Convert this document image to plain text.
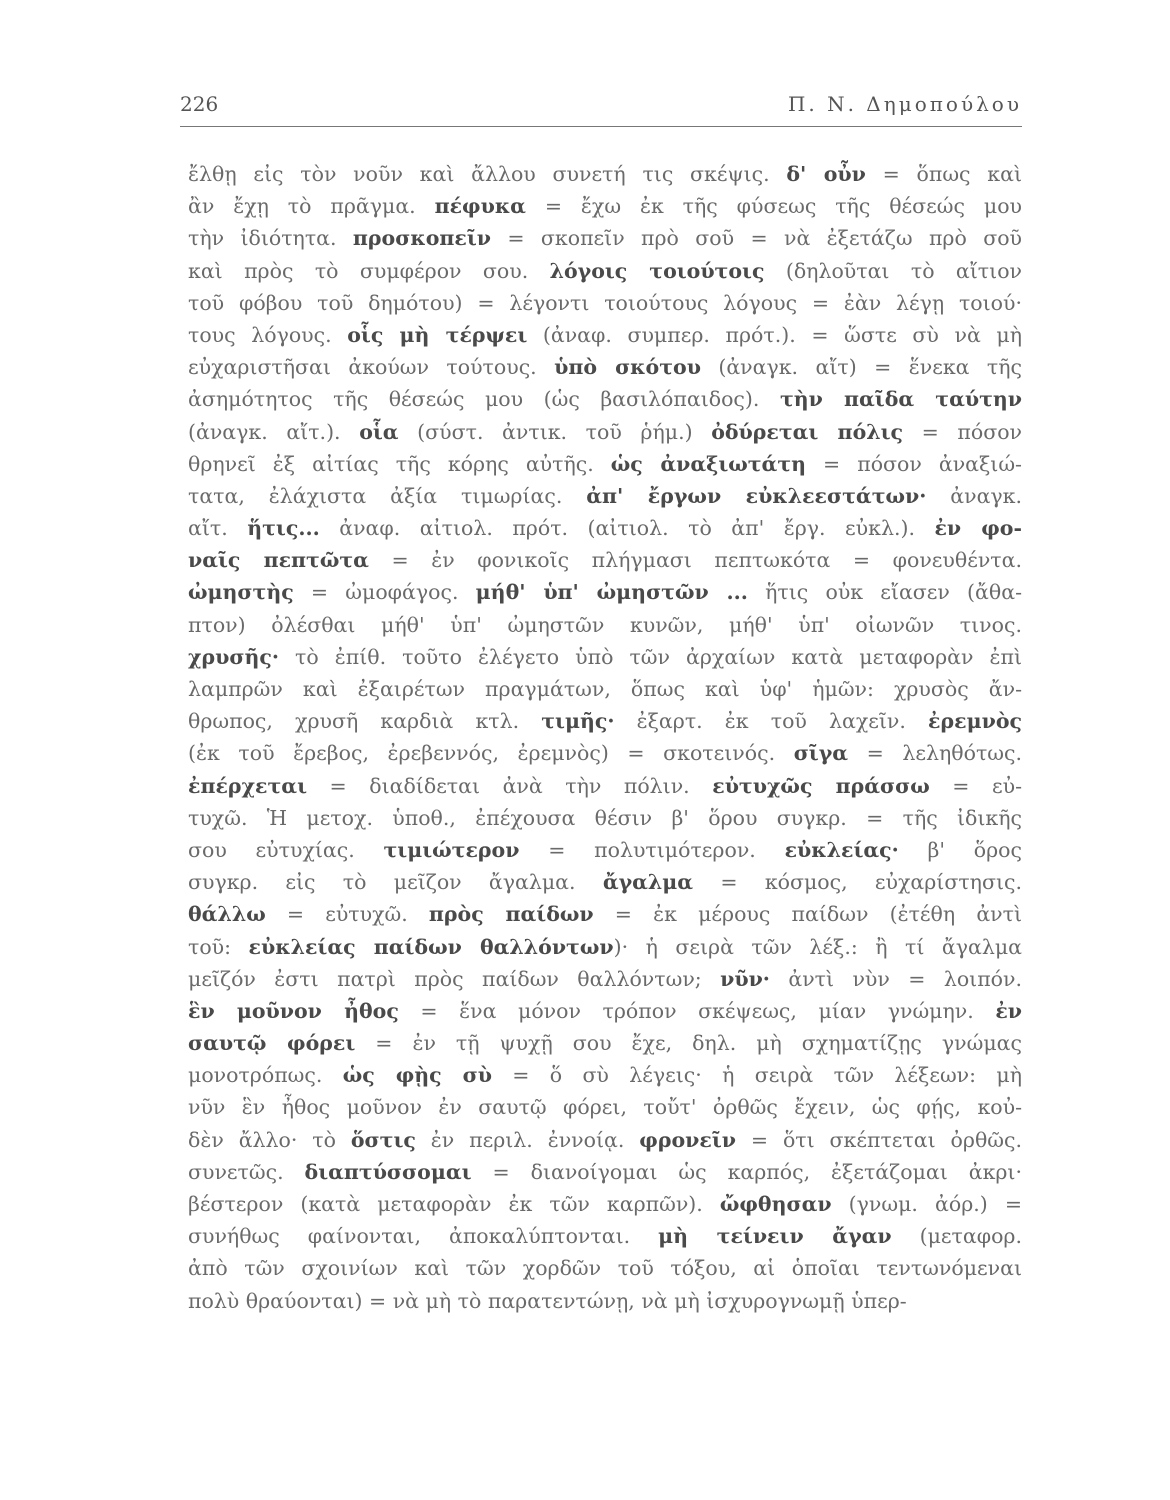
226	Π. Ν. Δημοπούλου
ἔλθῃ εἰς τὸν νοῦν καὶ ἄλλου συνετή τις σκέψις. δ' οὖν = ὅπως καὶ
ἂν ἔχῃ τὸ πρᾶγμα. πέφυκα = ἔχω ἐκ τῆς φύσεως τῆς θέσεώς μου
τὴν ἰδιότητα. προσκοπεῖν = σκοπεῖν πρὸ σοῦ = νὰ ἐξετάζω πρὸ σοῦ
καὶ πρὸς τὸ συμφέρον σου. λόγοις τοιούτοις (δηλοῦται τὸ αἴτιον
τοῦ φόβου τοῦ δημότου) = λέγοντι τοιούτους λόγους = ἐὰν λέγῃ τοιού·
τους λόγους. οἷς μὴ τέρψει (ἀναφ. συμπερ. πρότ.). = ὥστε σὺ νὰ μὴ
εὐχαριστῆσαι ἀκούων τούτους. ὑπὸ σκότου (ἀναγκ. αἴτ) = ἕνεκα τῆς
ἀσημότητος τῆς θέσεώς μου (ὡς βασιλόπαιδος). τὴν παῖδα ταύτην
(ἀναγκ. αἴτ.). οἷα (σύστ. ἀντικ. τοῦ ῥήμ.) ὀδύρεται πόλις = πόσον
θρηνεῖ ἐξ αἰτίας τῆς κόρης αὐτῆς. ὡς ἀναξιωτάτη = πόσον ἀναξιώ-
τατα, ἐλάχιστα ἀξία τιμωρίας. ἀπ' ἔργων εὐκλεεστάτων· ἀναγκ.
αἴτ. ἥτις... ἀναφ. αἰτιολ. πρότ. (αἰτιολ. τὸ ἀπ' ἔργ. εὐκλ.). ἐν φο-
ναῖς πεπτῶτα = ἐν φονικοῖς πλήγμασι πεπτωκότα = φονευθέντα.
ὠμηστὴς = ὠμοφάγος. μήθ' ὑπ' ὠμηστῶν ... ἥτις οὐκ εἴασεν (ἄθα-
πτον) ὀλέσθαι μήθ' ὑπ' ὠμηστῶν κυνῶν, μήθ' ὑπ' οἰωνῶν τινος.
χρυσῆς· τὸ ἐπίθ. τοῦτο ἐλέγετο ὑπὸ τῶν ἀρχαίων κατὰ μεταφορὰν ἐπὶ
λαμπρῶν καὶ ἐξαιρέτων πραγμάτων, ὅπως καὶ ὑφ' ἡμῶν: χρυσὸς ἄν-
θρωπος, χρυσῆ καρδιὰ κτλ. τιμῆς· ἐξαρτ. ἐκ τοῦ λαχεῖν. ἐρεμνὸς
(ἐκ τοῦ ἔρεβος, ἐρεβεννός, ἐρεμνὸς) = σκοτεινός. σῖγα = λεληθότως.
ἐπέρχεται = διαδίδεται ἀνὰ τὴν πόλιν. εὐτυχῶς πράσσω = εὐ-
τυχῶ. Ἡ μετοχ. ὑποθ., ἐπέχουσα θέσιν β' ὅρου συγκρ. = τῆς ἰδικῆς
σου εὐτυχίας. τιμιώτερον = πολυτιμότερον. εὐκλείας· β' ὅρος
συγκρ. εἰς τὸ μεῖζον ἄγαλμα. ἄγαλμα = κόσμος, εὐχαρίστησις.
θάλλω = εὐτυχῶ. πρὸς παίδων = ἐκ μέρους παίδων (ἐτέθη ἀντὶ
τοῦ: εὐκλείας παίδων θαλλόντων)· ἡ σειρὰ τῶν λέξ.: ἢ τί ἄγαλμα
μεῖζόν ἐστι πατρὶ πρὸς παίδων θαλλόντων; νῦν· ἀντὶ νὺν = λοιπόν.
ἓν μοῦνον ἦθος = ἕνα μόνον τρόπον σκέψεως, μίαν γνώμην. ἐν
σαυτῷ φόρει = ἐν τῇ ψυχῇ σου ἔχε, δηλ. μὴ σχηματίζῃς γνώμας
μονοτρόπως. ὡς φῂς σὺ = ὅ σὺ λέγεις· ἡ σειρὰ τῶν λέξεων: μὴ
νῦν ἓν ἦθος μοῦνον ἐν σαυτῷ φόρει, τοὔτ' ὀρθῶς ἔχειν, ὡς φῄς, κοὐ-
δὲν ἄλλο· τὸ ὅστις ἐν περιλ. ἐννοίᾳ. φρονεῖν = ὅτι σκέπτεται ὀρθῶς.
συνετῶς. διαπτύσσομαι = διανοίγομαι ὡς καρπός, ἐξετάζομαι ἀκρι·
βέστερον (κατὰ μεταφορὰν ἐκ τῶν καρπῶν). ὤφθησαν (γνωμ. ἀόρ.) =
συνήθως φαίνονται, ἀποκαλύπτονται. μὴ τείνειν ἄγαν (μεταφορ.
ἀπὸ τῶν σχοινίων καὶ τῶν χορδῶν τοῦ τόξου, αἱ ὁποῖαι τεντωνόμεναι
πολὺ θραύονται) = νὰ μὴ τὸ παρατεντώνῃ, νὰ μὴ ἰσχυρογνωμῇ ὑπερ-
